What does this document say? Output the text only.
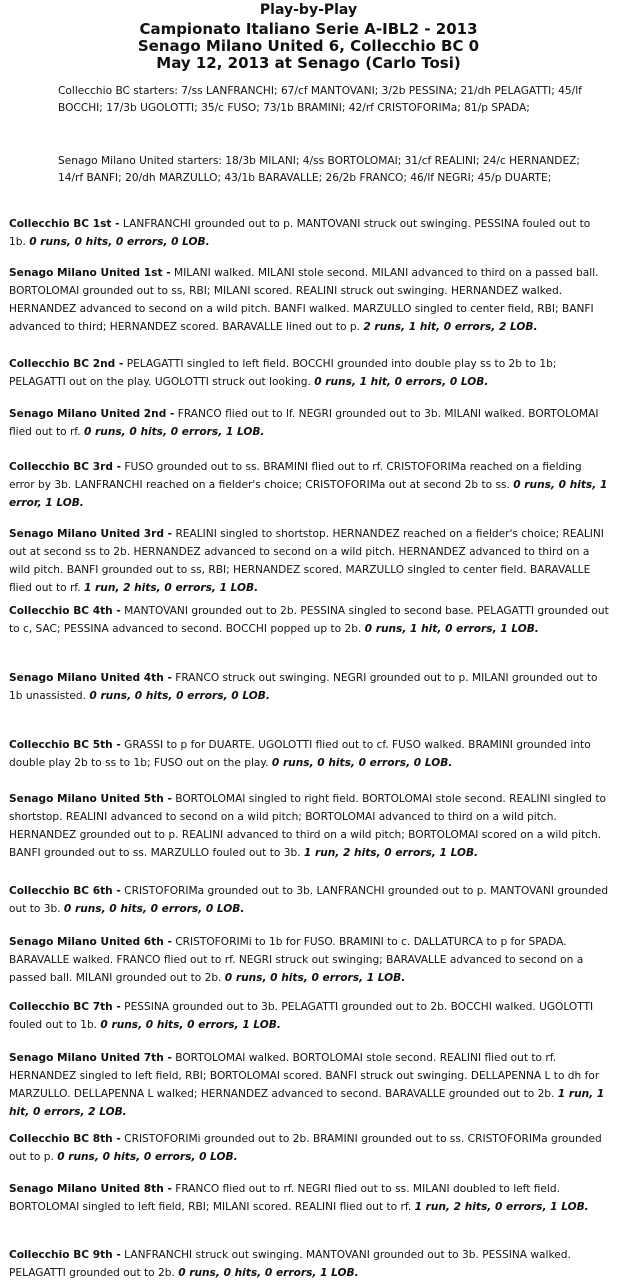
Play-by-Play
Campionato Italiano Serie A-IBL2 - 2013
Senago Milano United 6, Collecchio BC 0
May 12, 2013 at Senago (Carlo Tosi)
Collecchio BC starters: 7/ss LANFRANCHI; 67/cf MANTOVANI; 3/2b PESSINA; 21/dh PELAGATTI; 45/lf BOCCHI; 17/3b UGOLOTTI; 35/c FUSO; 73/1b BRAMINI; 42/rf CRISTOFORIMa; 81/p SPADA;
Senago Milano United starters: 18/3b MILANI; 4/ss BORTOLOMAI; 31/cf REALINI; 24/c HERNANDEZ; 14/rf BANFI; 20/dh MARZULLO; 43/1b BARAVALLE; 26/2b FRANCO; 46/lf NEGRI; 45/p DUARTE;
Collecchio BC 1st - LANFRANCHI grounded out to p. MANTOVANI struck out swinging. PESSINA fouled out to 1b. 0 runs, 0 hits, 0 errors, 0 LOB.
Senago Milano United 1st - MILANI walked. MILANI stole second. MILANI advanced to third on a passed ball. BORTOLOMAI grounded out to ss, RBI; MILANI scored. REALINI struck out swinging. HERNANDEZ walked. HERNANDEZ advanced to second on a wild pitch. BANFI walked. MARZULLO singled to center field, RBI; BANFI advanced to third; HERNANDEZ scored. BARAVALLE lined out to p. 2 runs, 1 hit, 0 errors, 2 LOB.
Collecchio BC 2nd - PELAGATTI singled to left field. BOCCHI grounded into double play ss to 2b to 1b; PELAGATTI out on the play. UGOLOTTI struck out looking. 0 runs, 1 hit, 0 errors, 0 LOB.
Senago Milano United 2nd - FRANCO flied out to lf. NEGRI grounded out to 3b. MILANI walked. BORTOLOMAI flied out to rf. 0 runs, 0 hits, 0 errors, 1 LOB.
Collecchio BC 3rd - FUSO grounded out to ss. BRAMINI flied out to rf. CRISTOFORIMa reached on a fielding error by 3b. LANFRANCHI reached on a fielder's choice; CRISTOFORIMa out at second 2b to ss. 0 runs, 0 hits, 1 error, 1 LOB.
Senago Milano United 3rd - REALINI singled to shortstop. HERNANDEZ reached on a fielder's choice; REALINI out at second ss to 2b. HERNANDEZ advanced to second on a wild pitch. HERNANDEZ advanced to third on a wild pitch. BANFI grounded out to ss, RBI; HERNANDEZ scored. MARZULLO singled to center field. BARAVALLE flied out to rf. 1 run, 2 hits, 0 errors, 1 LOB.
Collecchio BC 4th - MANTOVANI grounded out to 2b. PESSINA singled to second base. PELAGATTI grounded out to c, SAC; PESSINA advanced to second. BOCCHI popped up to 2b. 0 runs, 1 hit, 0 errors, 1 LOB.
Senago Milano United 4th - FRANCO struck out swinging. NEGRI grounded out to p. MILANI grounded out to 1b unassisted. 0 runs, 0 hits, 0 errors, 0 LOB.
Collecchio BC 5th - GRASSI to p for DUARTE. UGOLOTTI flied out to cf. FUSO walked. BRAMINI grounded into double play 2b to ss to 1b; FUSO out on the play. 0 runs, 0 hits, 0 errors, 0 LOB.
Senago Milano United 5th - BORTOLOMAI singled to right field. BORTOLOMAI stole second. REALINI singled to shortstop. REALINI advanced to second on a wild pitch; BORTOLOMAI advanced to third on a wild pitch. HERNANDEZ grounded out to p. REALINI advanced to third on a wild pitch; BORTOLOMAI scored on a wild pitch. BANFI grounded out to ss. MARZULLO fouled out to 3b. 1 run, 2 hits, 0 errors, 1 LOB.
Collecchio BC 6th - CRISTOFORIMa grounded out to 3b. LANFRANCHI grounded out to p. MANTOVANI grounded out to 3b. 0 runs, 0 hits, 0 errors, 0 LOB.
Senago Milano United 6th - CRISTOFORIMi to 1b for FUSO. BRAMINI to c. DALLATURCA to p for SPADA. BARAVALLE walked. FRANCO flied out to rf. NEGRI struck out swinging; BARAVALLE advanced to second on a passed ball. MILANI grounded out to 2b. 0 runs, 0 hits, 0 errors, 1 LOB.
Collecchio BC 7th - PESSINA grounded out to 3b. PELAGATTI grounded out to 2b. BOCCHI walked. UGOLOTTI fouled out to 1b. 0 runs, 0 hits, 0 errors, 1 LOB.
Senago Milano United 7th - BORTOLOMAI walked. BORTOLOMAI stole second. REALINI flied out to rf. HERNANDEZ singled to left field, RBI; BORTOLOMAI scored. BANFI struck out swinging. DELLAPENNA L to dh for MARZULLO. DELLAPENNA L walked; HERNANDEZ advanced to second. BARAVALLE grounded out to 2b. 1 run, 1 hit, 0 errors, 2 LOB.
Collecchio BC 8th - CRISTOFORIMi grounded out to 2b. BRAMINI grounded out to ss. CRISTOFORIMa grounded out to p. 0 runs, 0 hits, 0 errors, 0 LOB.
Senago Milano United 8th - FRANCO flied out to rf. NEGRI flied out to ss. MILANI doubled to left field. BORTOLOMAI singled to left field, RBI; MILANI scored. REALINI flied out to rf. 1 run, 2 hits, 0 errors, 1 LOB.
Collecchio BC 9th - LANFRANCHI struck out swinging. MANTOVANI grounded out to 3b. PESSINA walked. PELAGATTI grounded out to 2b. 0 runs, 0 hits, 0 errors, 1 LOB.
